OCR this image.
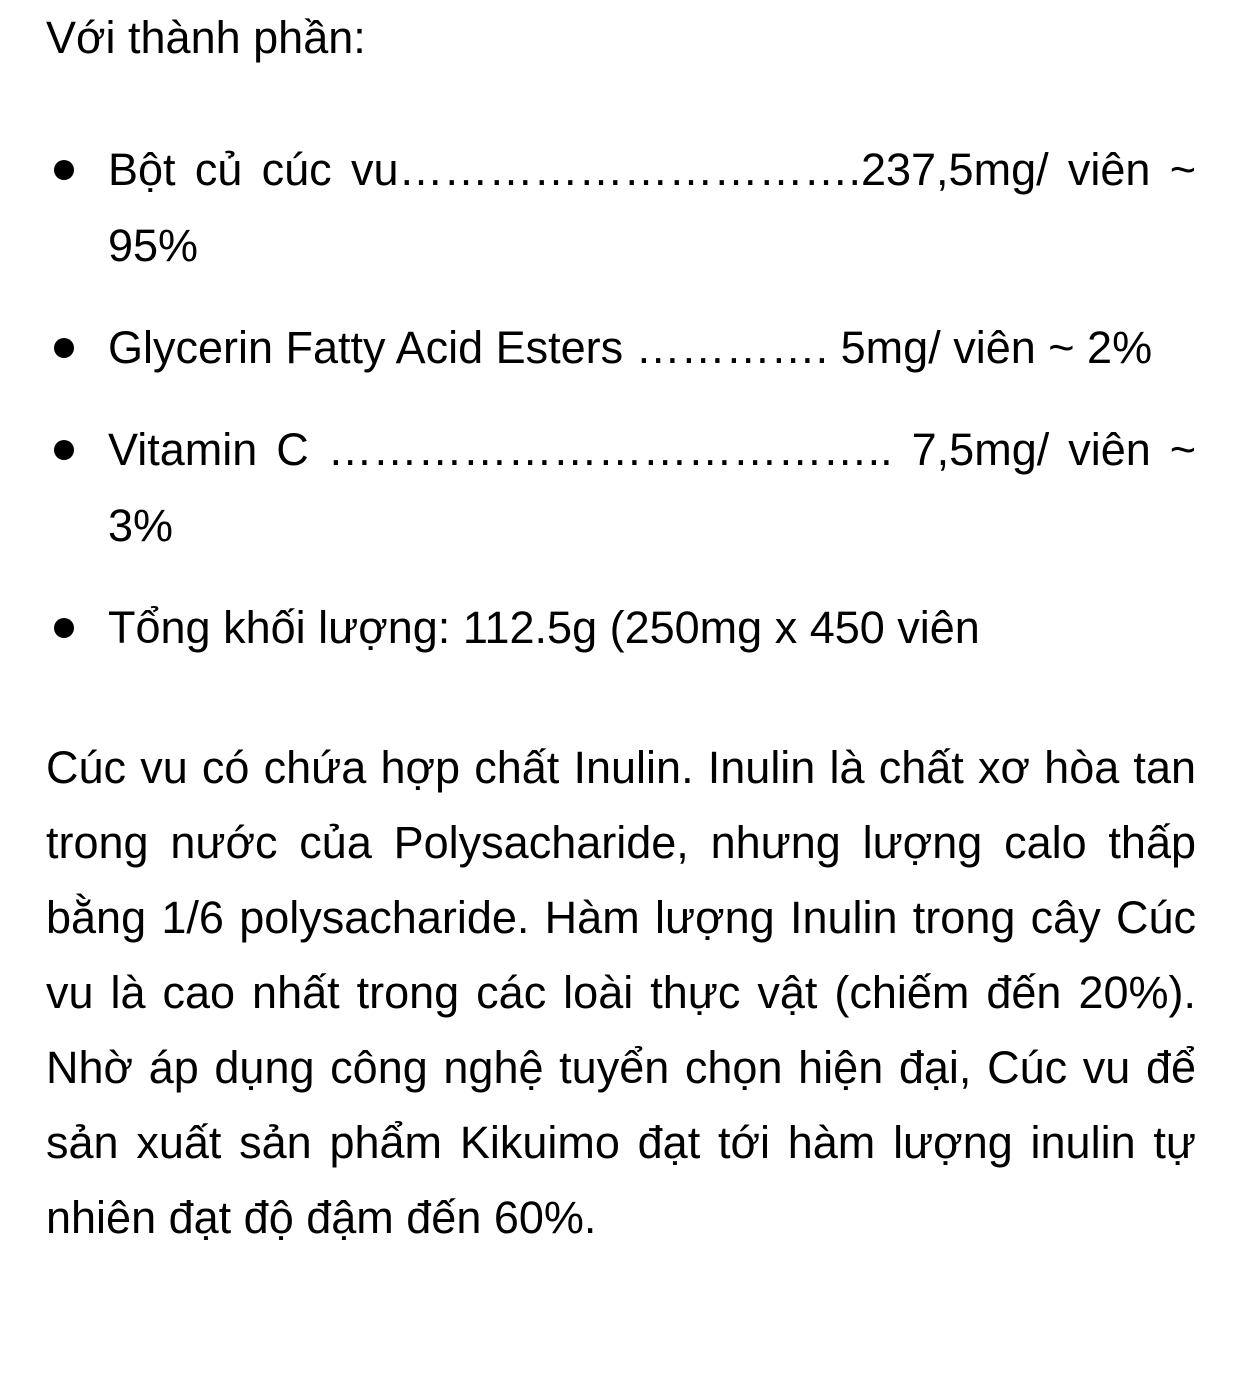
Với thành phần:

Bột củ cúc vu………………………….237,5mg/ viên ~ 95%
Glycerin Fatty Acid Esters …………. 5mg/ viên ~ 2%
Vitamin C ……………………………….. 7,5mg/ viên ~ 3%
Tổng khối lượng: 112.5g (250mg x 450 viên

Cúc vu có chứa hợp chất Inulin. Inulin là chất xơ hòa tan trong nước của Polysacharide, nhưng lượng calo thấp bằng 1/6 polysacharide. Hàm lượng Inulin trong cây Cúc vu là cao nhất trong các loài thực vật (chiếm đến 20%). Nhờ áp dụng công nghệ tuyển chọn hiện đại, Cúc vu để sản xuất sản phẩm Kikuimo đạt tới hàm lượng inulin tự nhiên đạt độ đậm đến 60%.
